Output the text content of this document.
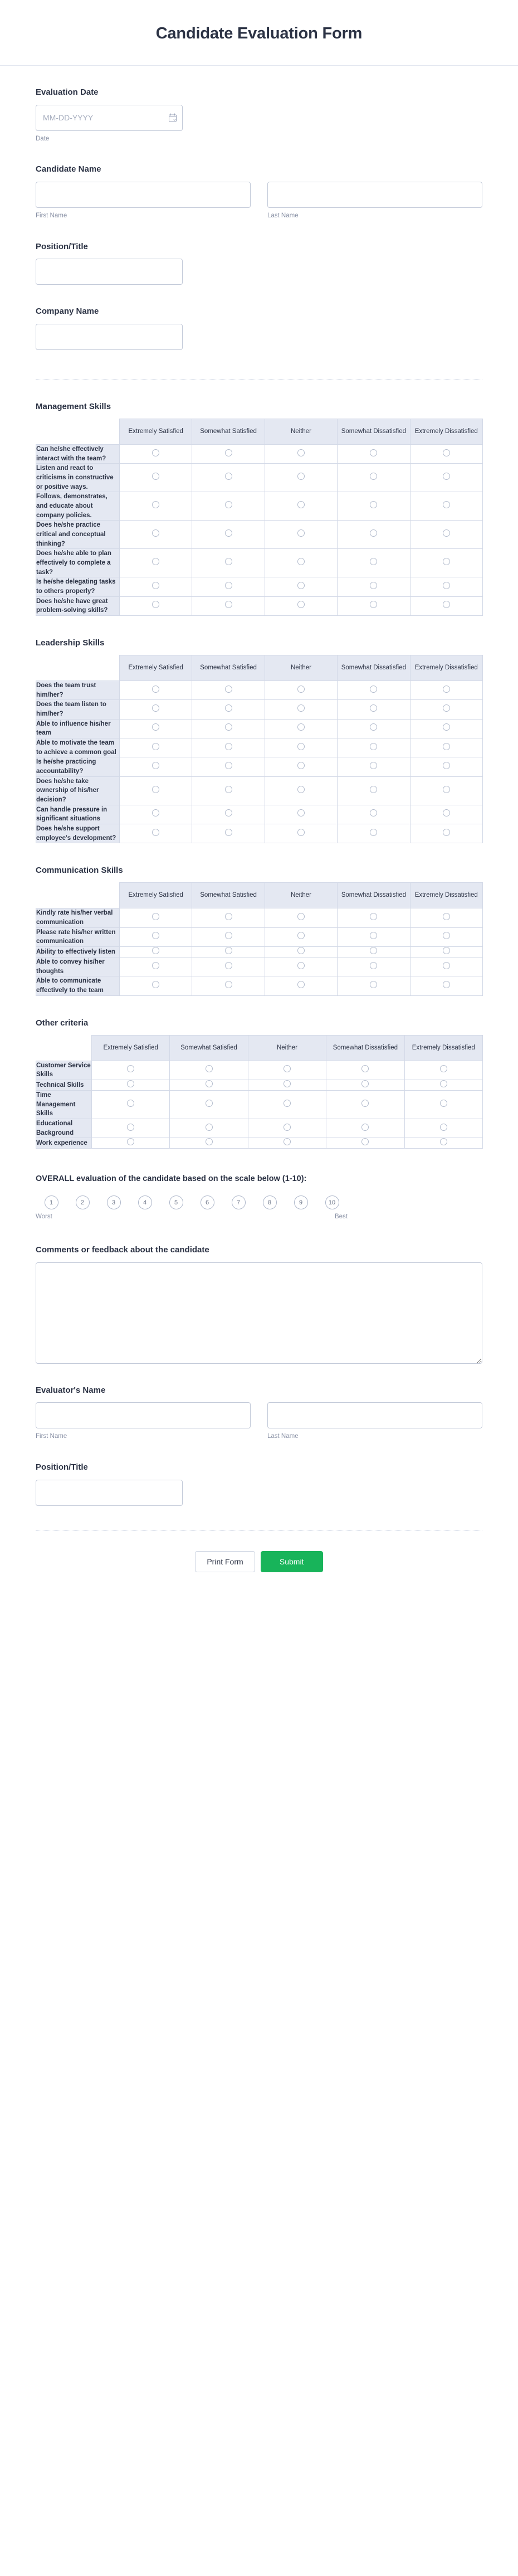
Candidate Evaluation Form
Evaluation Date
MM-DD-YYYY
Date
Candidate Name
First Name	Last Name
Position/Title
Company Name
Management Skills
	Extremely Satisfied	Somewhat Satisfied	Neither	Somewhat Dissatisfied	Extremely Dissatisfied
Can he/she effectively interact with the team?					
Listen and react to criticisms in constructive or positive ways.					
Follows, demonstrates, and educate about company policies.					
Does he/she practice critical and conceptual thinking?					
Does he/she able to plan effectively to complete a task?					
Is he/she delegating tasks to others properly?					
Does he/she have great problem-solving skills?					
Leadership Skills
	Extremely Satisfied	Somewhat Satisfied	Neither	Somewhat Dissatisfied	Extremely Dissatisfied
Does the team trust him/her?					
Does the team listen to him/her?					
Able to influence his/her team					
Able to motivate the team to achieve a common goal					
Is he/she practicing accountability?					
Does he/she take ownership of his/her decision?					
Can handle pressure in significant situations					
Does he/she support employee's development?					
Communication Skills
	Extremely Satisfied	Somewhat Satisfied	Neither	Somewhat Dissatisfied	Extremely Dissatisfied
Kindly rate his/her verbal communication					
Please rate his/her written communication					
Ability to effectively listen					
Able to convey his/her thoughts					
Able to communicate effectively to the team					
Other criteria
	Extremely Satisfied	Somewhat Satisfied	Neither	Somewhat Dissatisfied	Extremely Dissatisfied
Customer Service Skills					
Technical Skills					
Time Management Skills					
Educational Background					
Work experience					
OVERALL evaluation of the candidate based on the scale below (1-10):
1	2	3	4	5	6	7	8	9	10
Worst	Best
Comments or feedback about the candidate
Evaluator's Name
First Name	Last Name
Position/Title
Print Form	Submit
